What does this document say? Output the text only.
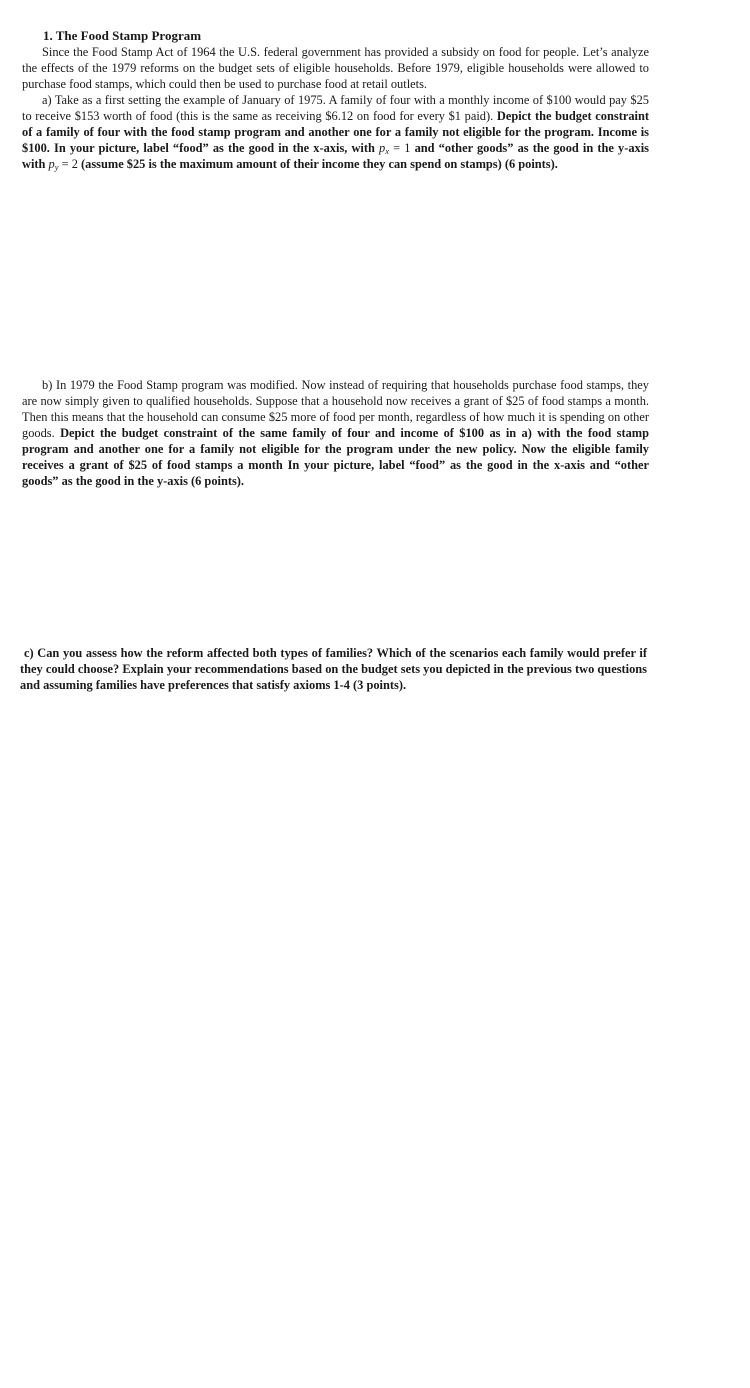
1. The Food Stamp Program
Since the Food Stamp Act of 1964 the U.S. federal government has provided a subsidy on food for people. Let’s analyze the effects of the 1979 reforms on the budget sets of eligible households. Before 1979, eligible households were allowed to purchase food stamps, which could then be used to purchase food at retail outlets.
a) Take as a first setting the example of January of 1975. A family of four with a monthly income of $100 would pay $25 to receive $153 worth of food (this is the same as receiving $6.12 on food for every $1 paid). Depict the budget constraint of a family of four with the food stamp program and another one for a family not eligible for the program. Income is $100. In your picture, label “food” as the good in the x-axis, with $p_x = 1$ and “other goods” as the good in the y-axis with $p_y = 2$ (assume $25 is the maximum amount of their income they can spend on stamps) (6 points).
b) In 1979 the Food Stamp program was modified. Now instead of requiring that households purchase food stamps, they are now simply given to qualified households. Suppose that a household now receives a grant of $25 of food stamps a month. Then this means that the household can consume $25 more of food per month, regardless of how much it is spending on other goods. Depict the budget constraint of the same family of four and income of $100 as in a) with the food stamp program and another one for a family not eligible for the program under the new policy. Now the eligible family receives a grant of $25 of food stamps a month In your picture, label “food” as the good in the x-axis and “other goods” as the good in the y-axis (6 points).
c) Can you assess how the reform affected both types of families? Which of the scenarios each family would prefer if they could choose? Explain your recommendations based on the budget sets you depicted in the previous two questions and assuming families have preferences that satisfy axioms 1-4 (3 points).
